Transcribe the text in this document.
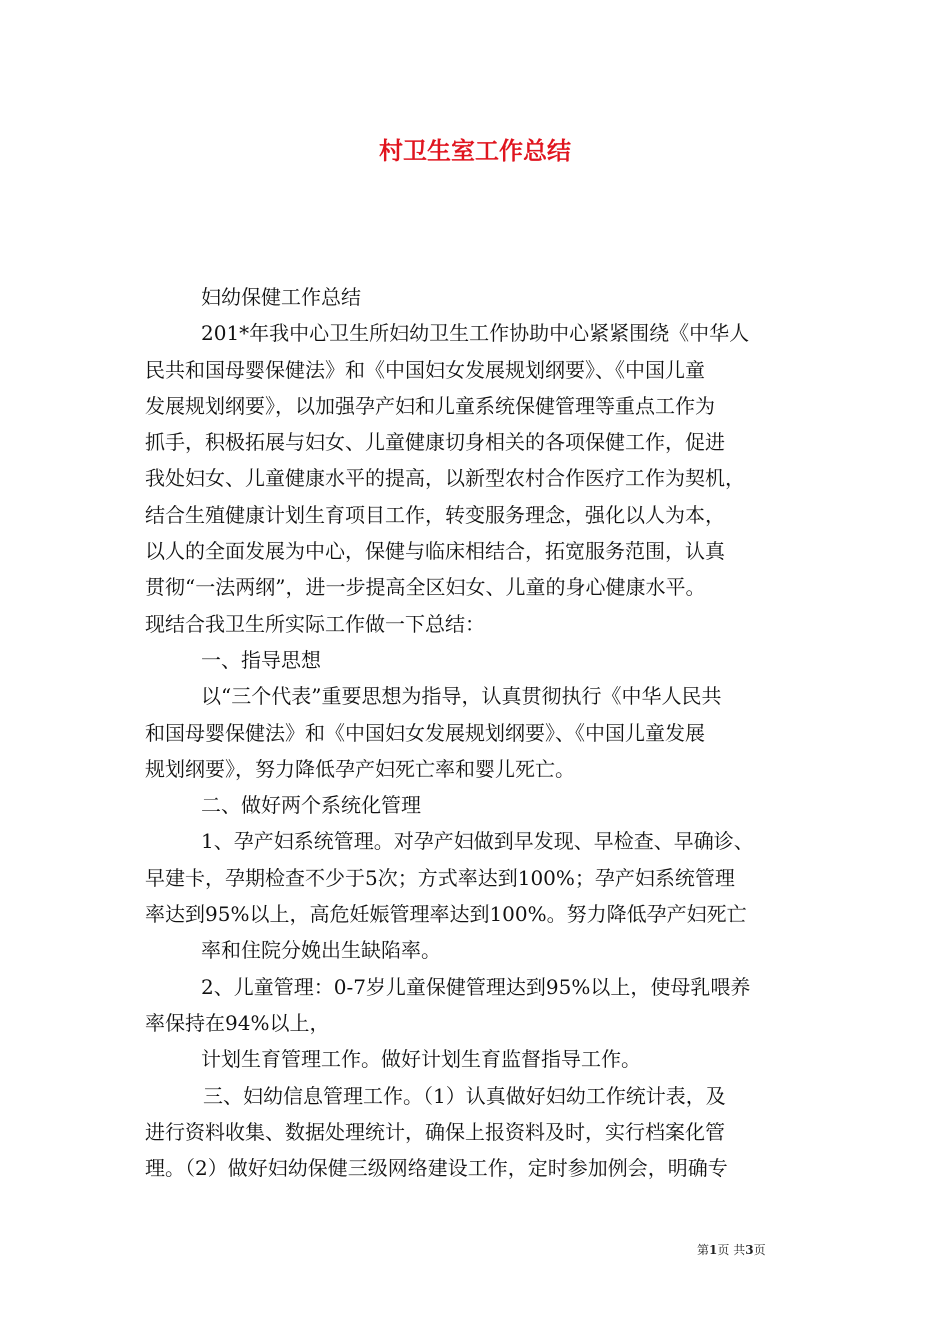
村卫生室工作总结
妇幼保健工作总结
201*年我中心卫生所妇幼卫生工作协助中心紧紧围绕《中华人
民共和国母婴保健法》和《中国妇女发展规划纲要》、《中国儿童
发展规划纲要》，以加强孕产妇和儿童系统保健管理等重点工作为
抓手，积极拓展与妇女、儿童健康切身相关的各项保健工作，促进
我处妇女、儿童健康水平的提高，以新型农村合作医疗工作为契机，
结合生殖健康计划生育项目工作，转变服务理念，强化以人为本，
以人的全面发展为中心，保健与临床相结合，拓宽服务范围，认真
贯彻“一法两纲”，进一步提高全区妇女、儿童的身心健康水平。
现结合我卫生所实际工作做一下总结：
一、指导思想
以“三个代表”重要思想为指导，认真贯彻执行《中华人民共
和国母婴保健法》和《中国妇女发展规划纲要》、《中国儿童发展
规划纲要》，努力降低孕产妇死亡率和婴儿死亡。
二、做好两个系统化管理
1、孕产妇系统管理。对孕产妇做到早发现、早检查、早确诊、
早建卡，孕期检查不少于5次；方式率达到100%；孕产妇系统管理
率达到95%以上，高危妊娠管理率达到100%。努力降低孕产妇死亡
率和住院分娩出生缺陷率。
2、儿童管理：0-7岁儿童保健管理达到95%以上，使母乳喂养
率保持在94%以上，
计划生育管理工作。做好计划生育监督指导工作。
三、妇幼信息管理工作。（1）认真做好妇幼工作统计表，及
进行资料收集、数据处理统计，确保上报资料及时，实行档案化管
理。（2）做好妇幼保健三级网络建设工作，定时参加例会，明确专
第1页 共3页
